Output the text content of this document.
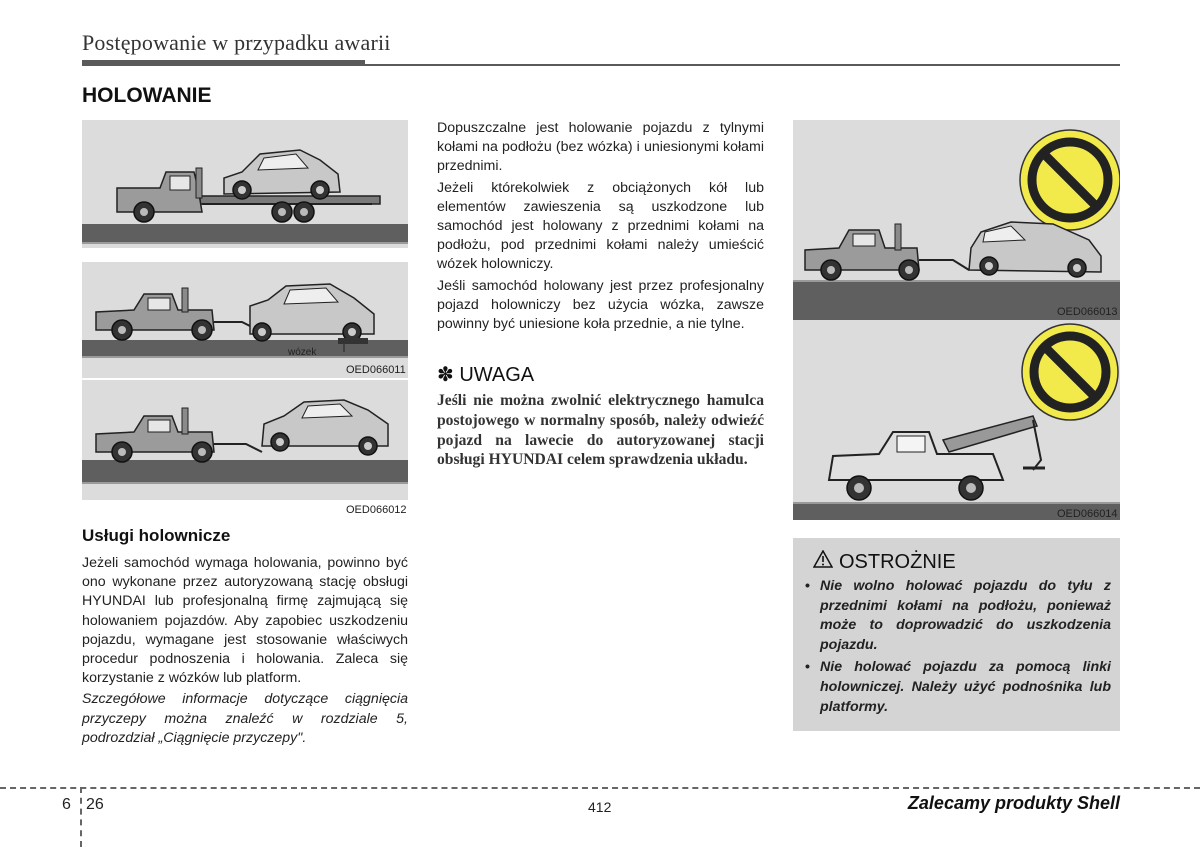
Postępowanie w przypadku awarii
HOLOWANIE
wózek
OED066011
OED066012
Usługi holownicze

Jeżeli samochód wymaga holowania, powinno być ono wykonane przez autoryzowaną stację obsługi HYUNDAI lub profesjonalną firmę zajmującą się holowaniem pojazdów. Aby zapobiec uszkodzeniu pojazdu, wymagane jest stosowanie właściwych procedur podnoszenia i holowania. Zaleca się korzystanie z wózków lub platform.

Szczegółowe informacje dotyczące ciągnięcia przyczepy można znaleźć w rozdziale 5, podrozdział „Ciągnięcie przyczepy".

Dopuszczalne jest holowanie pojazdu z tylnymi kołami na podłożu (bez wózka) i uniesionymi kołami przednimi.

Jeżeli którekolwiek z obciążonych kół lub elementów zawieszenia są uszkodzone lub samochód jest holowany z przednimi kołami na podłożu, pod przednimi kołami należy umieścić wózek holowniczy.

Jeśli samochód holowany jest przez profesjonalny pojazd holowniczy bez użycia wózka, zawsze powinny być uniesione koła przednie, a nie tylne.

✽ UWAGA
Jeśli nie można zwolnić elektrycznego hamulca postojowego w normalny sposób, należy odwieźć pojazd na lawecie do autoryzowanej stacji obsługi HYUNDAI celem sprawdzenia układu.
OED066013
OED066014
OSTROŻNIE
• Nie wolno holować pojazdu do tyłu z przednimi kołami na podłożu, ponieważ może to doprowadzić do uszkodzenia pojazdu.
• Nie holować pojazdu za pomocą linki holowniczej. Należy użyć podnośnika lub platformy.
6 26	412	Zalecamy produkty Shell
